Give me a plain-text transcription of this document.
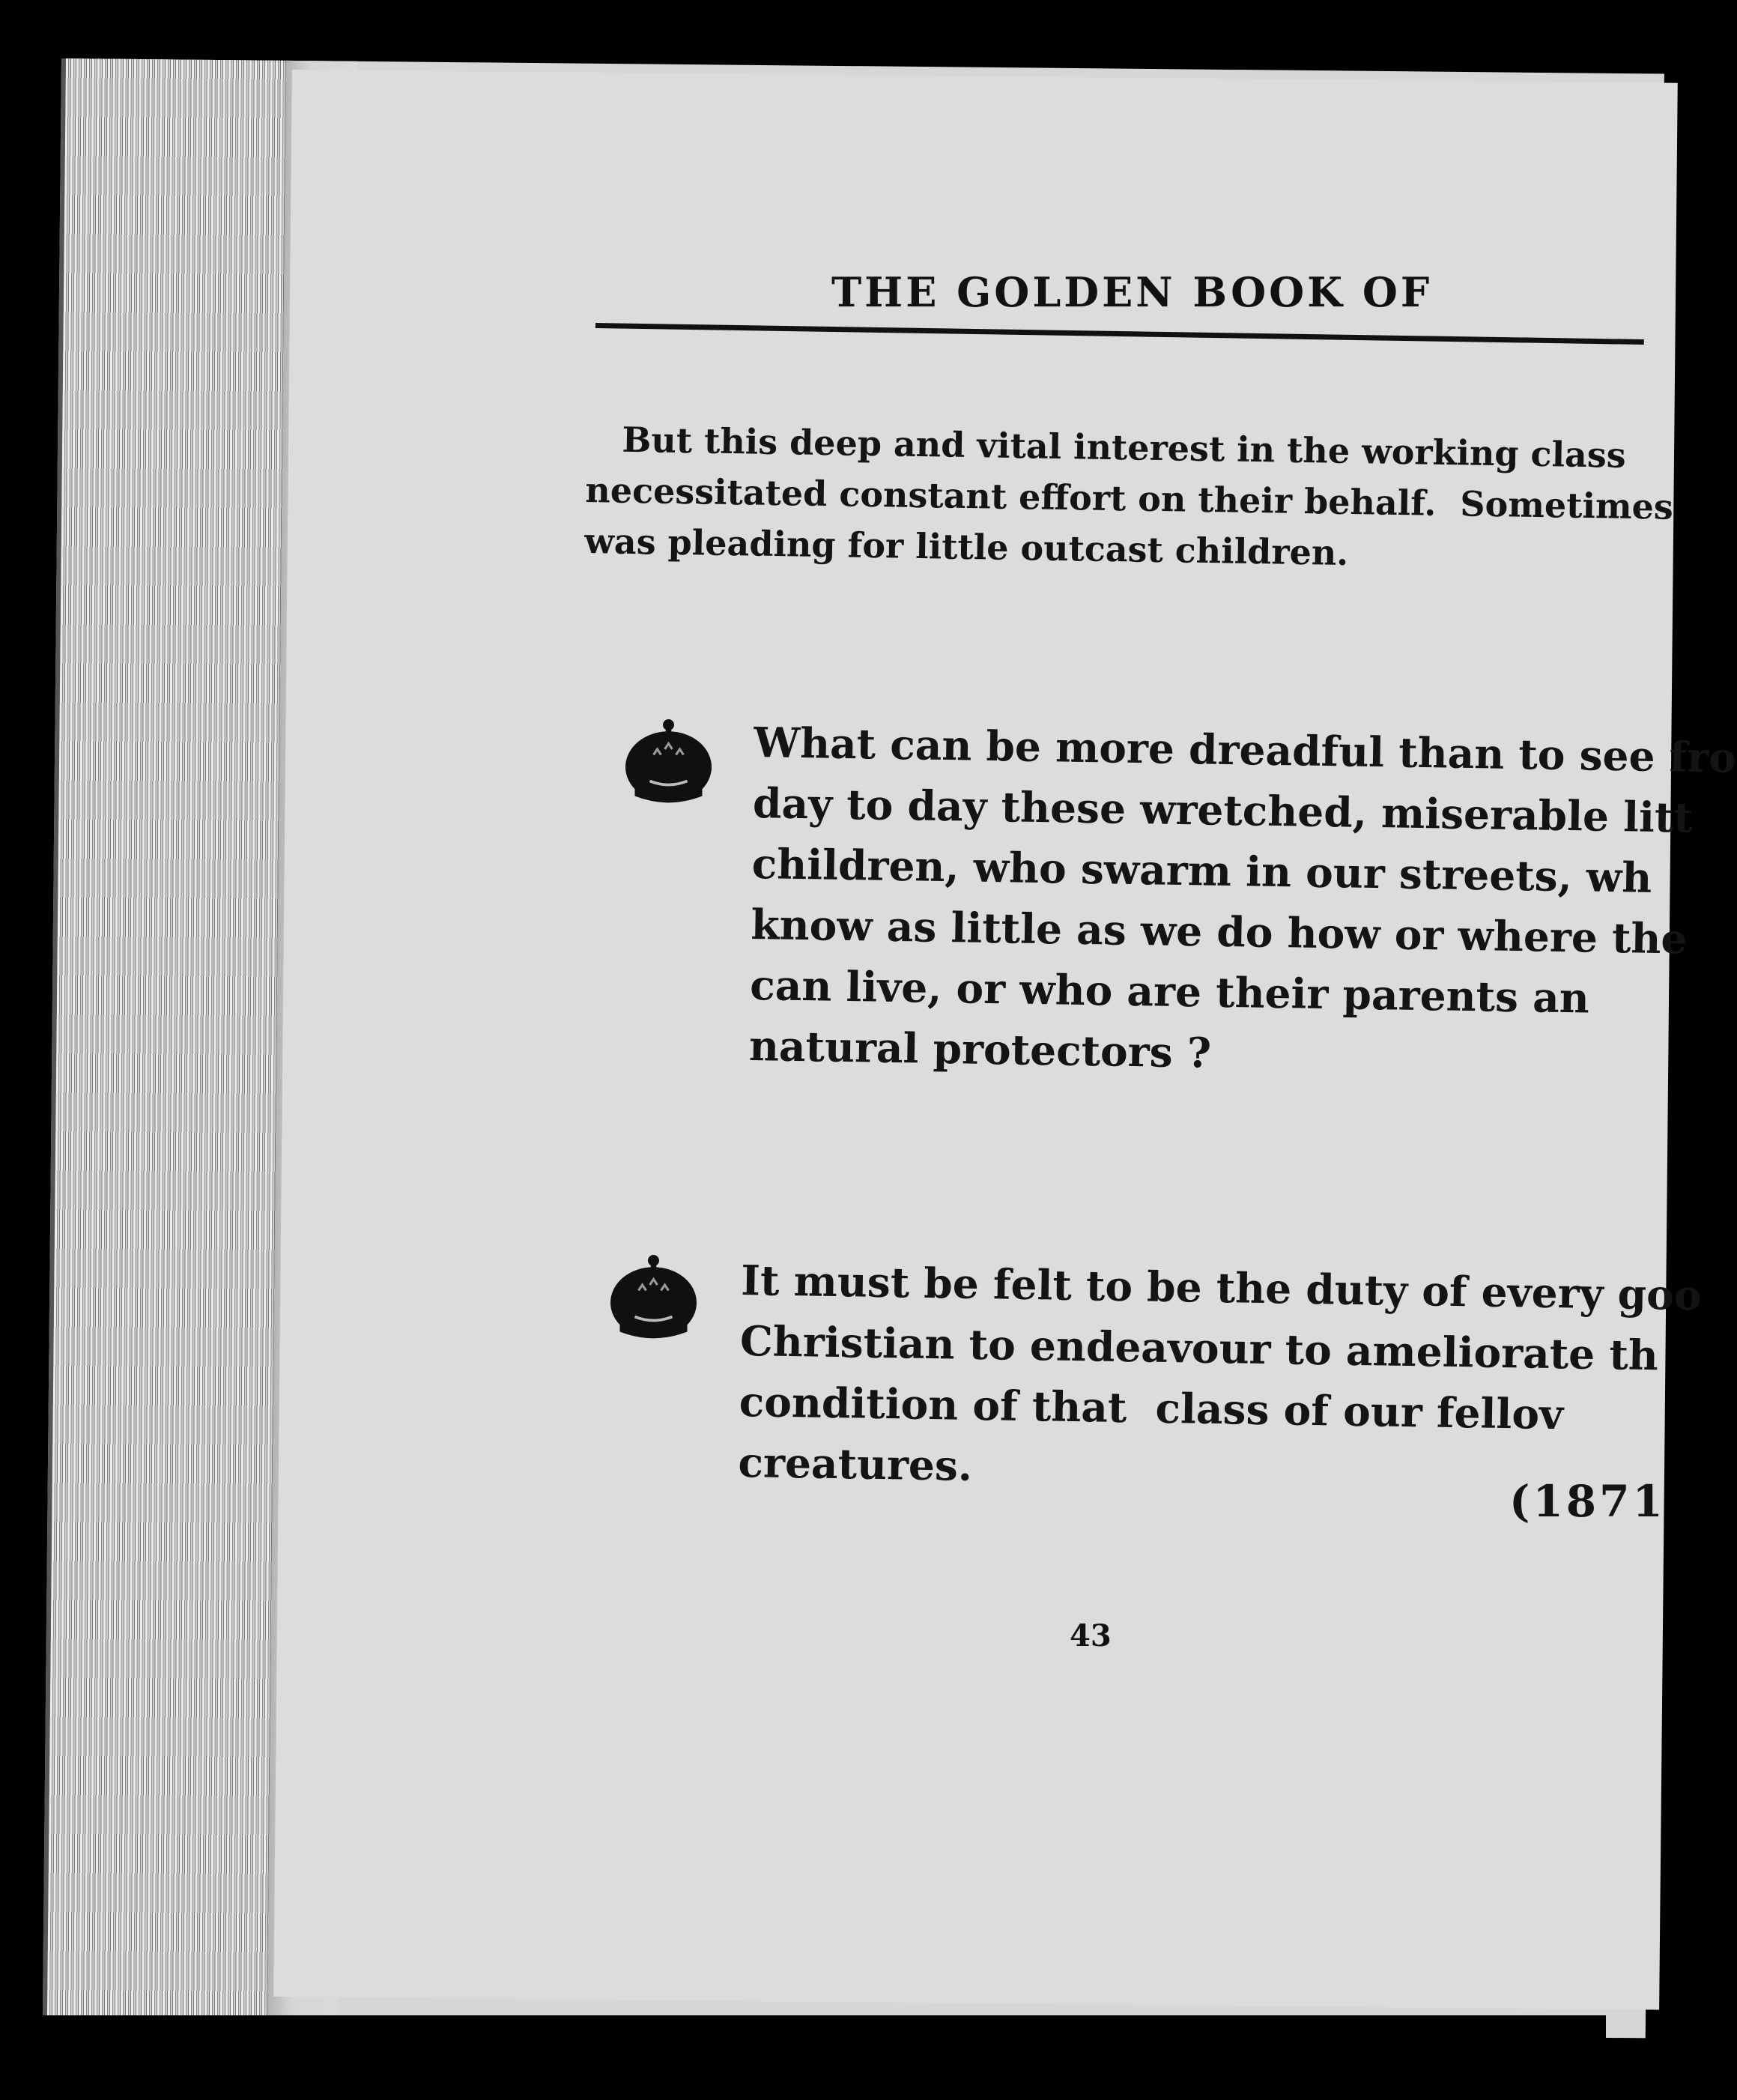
THE GOLDEN BOOK OF
But this deep and vital interest in the working class
necessitated constant effort on their behalf.  Sometimes
was pleading for little outcast children.
What can be more dreadful than to see fro
day to day these wretched, miserable litt
children, who swarm in our streets, wh
know as little as we do how or where the
can live, or who are their parents an
natural protectors ?
It must be felt to be the duty of every goo
Christian to endeavour to ameliorate th
condition of that  class of our fellov
creatures.
(1871
43
